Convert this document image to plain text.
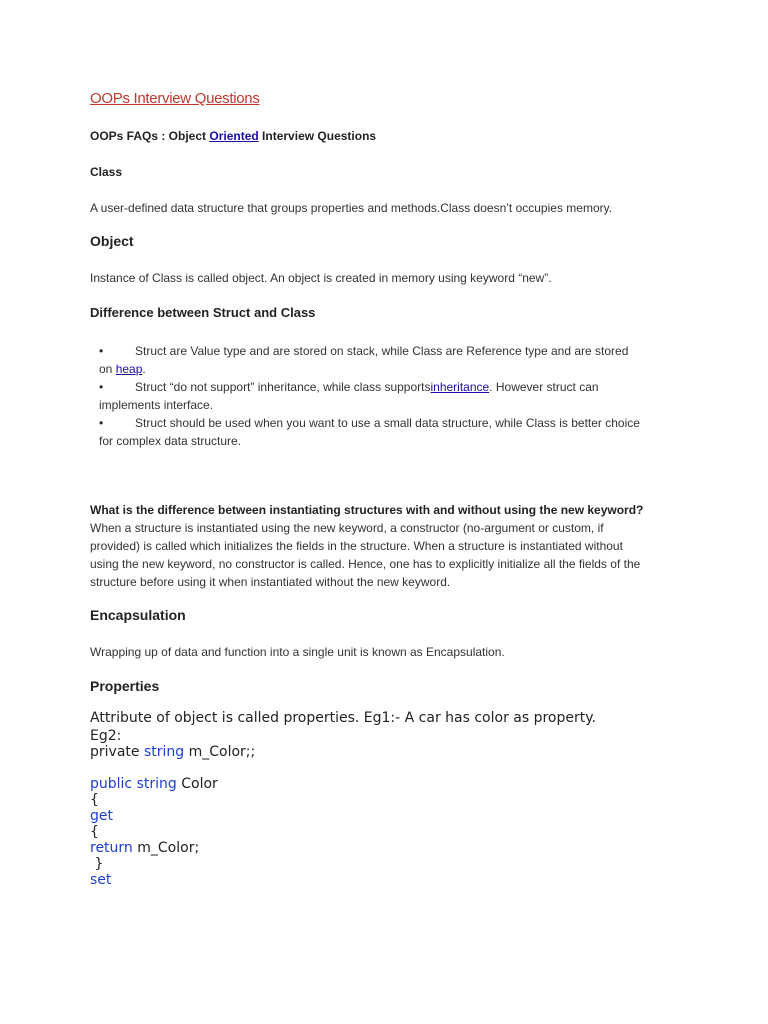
OOPs Interview Questions
OOPs FAQs : Object Oriented Interview Questions
Class
A user-defined data structure that groups properties and methods.Class doesn’t occupies memory.
Object
Instance of Class is called object. An object is created in memory using keyword “new”.
Difference between Struct and Class
•	Struct are Value type and are stored on stack, while Class are Reference type and are stored
on heap.
•	Struct “do not support” inheritance, while class supportsinheritance. However struct can
implements interface.
•	Struct should be used when you want to use a small data structure, while Class is better choice
for complex data structure.
What is the difference between instantiating structures with and without using the new keyword?
When a structure is instantiated using the new keyword, a constructor (no-argument or custom, if
provided) is called which initializes the fields in the structure. When a structure is instantiated without
using the new keyword, no constructor is called. Hence, one has to explicitly initialize all the fields of the
structure before using it when instantiated without the new keyword.
Encapsulation
Wrapping up of data and function into a single unit is known as Encapsulation.
Properties
Attribute of object is called properties. Eg1:- A car has color as property.
Eg2:
private string m_Color;;
public string Color
{
get
{
return m_Color;
}
set
